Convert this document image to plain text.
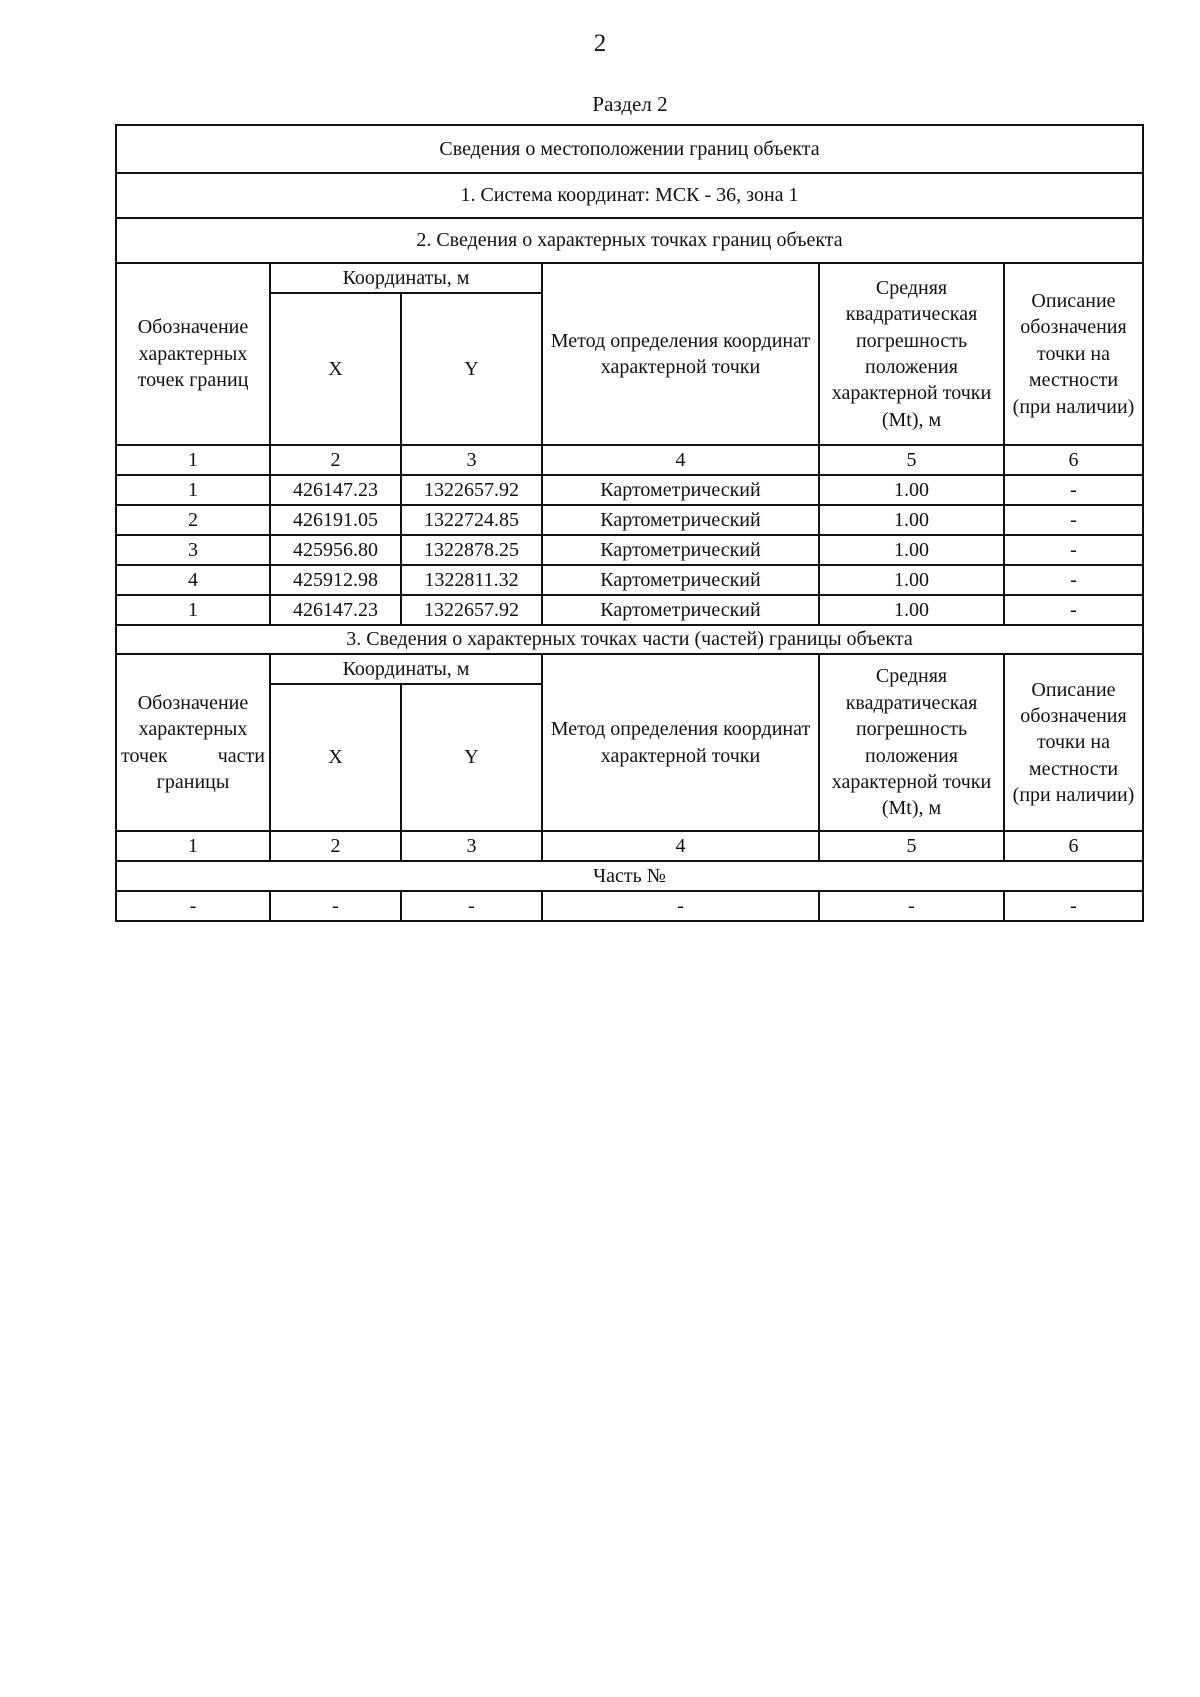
2
Раздел 2
Сведения о местоположении границ объекта					
1. Система координат: МСК - 36, зона 1					
2. Сведения о характерных точках границ объекта					
Обозначение характерных точек границ	Координаты, м		Метод определения координат характерной точки	Средняя квадратическая погрешность положения характерной точки (Mt), м	Описание обозначения точки на местности (при наличии)
	X	Y			
1	2	3	4	5	6
1	426147.23	1322657.92	Картометрический	1.00	-
2	426191.05	1322724.85	Картометрический	1.00	-
3	425956.80	1322878.25	Картометрический	1.00	-
4	425912.98	1322811.32	Картометрический	1.00	-
1	426147.23	1322657.92	Картометрический	1.00	-
3. Сведения о характерных точках части (частей) границы объекта					

Обозначение
характерных
точек части
границы	Координаты, м		Метод определения координат характерной точки	Средняя квадратическая погрешность положения характерной точки (Mt), м	Описание обозначения точки на местности (при наличии)
	X	Y			
1	2	3	4	5	6
Часть №					
-	-	-	-	-	-
